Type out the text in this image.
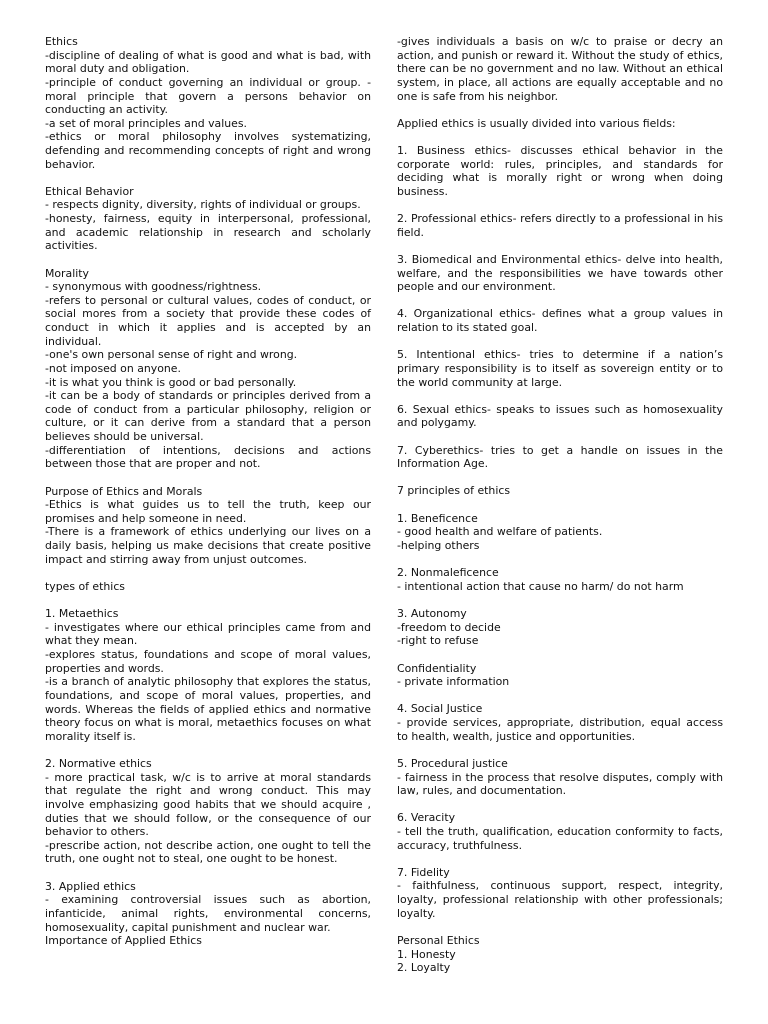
Ethics
-discipline of dealing of what is good and what is bad, with moral duty and obligation.
-principle of conduct governing an individual or group. - moral principle that govern a persons behavior on conducting an activity.
-a set of moral principles and values.
-ethics or moral philosophy involves systematizing, defending and recommending concepts of right and wrong behavior.
Ethical Behavior
- respects dignity, diversity, rights of individual or groups.
-honesty, fairness, equity in interpersonal, professional, and academic relationship in research and scholarly activities.
Morality
- synonymous with goodness/rightness.
-refers to personal or cultural values, codes of conduct, or social mores from a society that provide these codes of conduct in which it applies and is accepted by an individual.
-one's own personal sense of right and wrong.
-not imposed on anyone.
-it is what you think is good or bad personally.
-it can be a body of standards or principles derived from a code of conduct from a particular philosophy, religion or culture, or it can derive from a standard that a person believes should be universal.
-differentiation of intentions, decisions and actions between those that are proper and not.
Purpose of Ethics and Morals
-Ethics is what guides us to tell the truth, keep our promises and help someone in need.
-There is a framework of ethics underlying our lives on a daily basis, helping us make decisions that create positive impact and stirring away from unjust outcomes.
types of ethics
1. Metaethics
- investigates where our ethical principles came from and what they mean.
-explores status, foundations and scope of moral values, properties and words.
-is a branch of analytic philosophy that explores the status, foundations, and scope of moral values, properties, and words. Whereas the fields of applied ethics and normative theory focus on what is moral, metaethics focuses on what morality itself is.
2. Normative ethics
- more practical task, w/c is to arrive at moral standards that regulate the right and wrong conduct. This may involve emphasizing good habits that we should acquire , duties that we should follow, or the consequence of our behavior to others.
-prescribe action, not describe action, one ought to tell the truth, one ought not to steal, one ought to be honest.
3. Applied ethics
- examining controversial issues such as abortion, infanticide, animal rights, environmental concerns, homosexuality, capital punishment and nuclear war.
Importance of Applied Ethics
-gives individuals a basis on w/c to praise or decry an action, and punish or reward it. Without the study of ethics, there can be no government and no law. Without an ethical system, in place, all actions are equally acceptable and no one is safe from his neighbor.
Applied ethics is usually divided into various fields:
1. Business ethics- discusses ethical behavior in the corporate world: rules, principles, and standards for deciding what is morally right or wrong when doing business.
2. Professional ethics- refers directly to a professional in his field.
3. Biomedical and Environmental ethics- delve into health, welfare, and the responsibilities we have towards other people and our environment.
4. Organizational ethics- defines what a group values in relation to its stated goal.
5. Intentional ethics- tries to determine if a nation’s primary responsibility is to itself as sovereign entity or to the world community at large.
6. Sexual ethics- speaks to issues such as homosexuality and polygamy.
7. Cyberethics- tries to get a handle on issues in the Information Age.
7 principles of ethics
1. Beneficence
- good health and welfare of patients.
-helping others
2. Nonmaleficence
- intentional action that cause no harm/ do not harm
3. Autonomy
-freedom to decide
-right to refuse
Confidentiality
- private information
4. Social Justice
- provide services, appropriate, distribution, equal access to health, wealth, justice and opportunities.
5. Procedural justice
- fairness in the process that resolve disputes, comply with law, rules, and documentation.
6. Veracity
- tell the truth, qualification, education conformity to facts, accuracy, truthfulness.
7. Fidelity
- faithfulness, continuous support, respect, integrity, loyalty, professional relationship with other professionals; loyalty.
Personal Ethics
1. Honesty
2. Loyalty
